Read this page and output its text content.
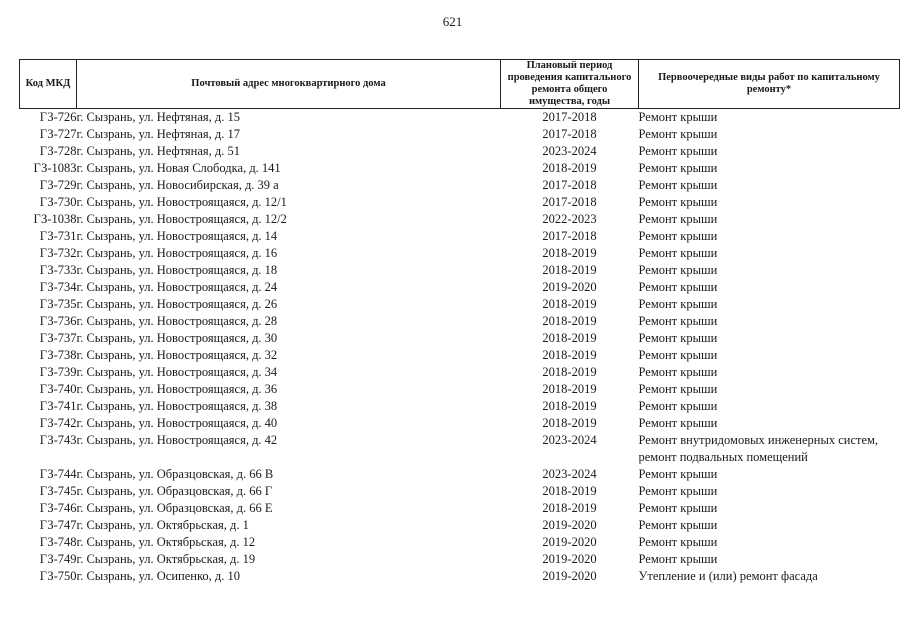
621
Код МКД	Почтовый адрес многоквартирного дома	Плановый период проведения капитального ремонта общего имущества, годы	Первоочередные виды работ по капитальному ремонту*
ГЗ-726	г. Сызрань, ул. Нефтяная, д. 15	2017-2018	Ремонт крыши
ГЗ-727	г. Сызрань, ул. Нефтяная, д. 17	2017-2018	Ремонт крыши
ГЗ-728	г. Сызрань, ул. Нефтяная, д. 51	2023-2024	Ремонт крыши
ГЗ-1083	г. Сызрань, ул. Новая Слободка, д. 141	2018-2019	Ремонт крыши
ГЗ-729	г. Сызрань, ул. Новосибирская, д. 39 а	2017-2018	Ремонт крыши
ГЗ-730	г. Сызрань, ул. Новостроящаяся, д. 12/1	2017-2018	Ремонт крыши
ГЗ-1038	г. Сызрань, ул. Новостроящаяся, д. 12/2	2022-2023	Ремонт крыши
ГЗ-731	г. Сызрань, ул. Новостроящаяся, д. 14	2017-2018	Ремонт крыши
ГЗ-732	г. Сызрань, ул. Новостроящаяся, д. 16	2018-2019	Ремонт крыши
ГЗ-733	г. Сызрань, ул. Новостроящаяся, д. 18	2018-2019	Ремонт крыши
ГЗ-734	г. Сызрань, ул. Новостроящаяся, д. 24	2019-2020	Ремонт крыши
ГЗ-735	г. Сызрань, ул. Новостроящаяся, д. 26	2018-2019	Ремонт крыши
ГЗ-736	г. Сызрань, ул. Новостроящаяся, д. 28	2018-2019	Ремонт крыши
ГЗ-737	г. Сызрань, ул. Новостроящаяся, д. 30	2018-2019	Ремонт крыши
ГЗ-738	г. Сызрань, ул. Новостроящаяся, д. 32	2018-2019	Ремонт крыши
ГЗ-739	г. Сызрань, ул. Новостроящаяся, д. 34	2018-2019	Ремонт крыши
ГЗ-740	г. Сызрань, ул. Новостроящаяся, д. 36	2018-2019	Ремонт крыши
ГЗ-741	г. Сызрань, ул. Новостроящаяся, д. 38	2018-2019	Ремонт крыши
ГЗ-742	г. Сызрань, ул. Новостроящаяся, д. 40	2018-2019	Ремонт крыши
ГЗ-743	г. Сызрань, ул. Новостроящаяся, д. 42	2023-2024	Ремонт внутридомовых инженерных систем, ремонт подвальных помещений
ГЗ-744	г. Сызрань, ул. Образцовская, д. 66 В	2023-2024	Ремонт крыши
ГЗ-745	г. Сызрань, ул. Образцовская, д. 66 Г	2018-2019	Ремонт крыши
ГЗ-746	г. Сызрань, ул. Образцовская, д. 66 Е	2018-2019	Ремонт крыши
ГЗ-747	г. Сызрань, ул. Октябрьская, д. 1	2019-2020	Ремонт крыши
ГЗ-748	г. Сызрань, ул. Октябрьская, д. 12	2019-2020	Ремонт крыши
ГЗ-749	г. Сызрань, ул. Октябрьская, д. 19	2019-2020	Ремонт крыши
ГЗ-750	г. Сызрань, ул. Осипенко, д. 10	2019-2020	Утепление и (или) ремонт фасада
